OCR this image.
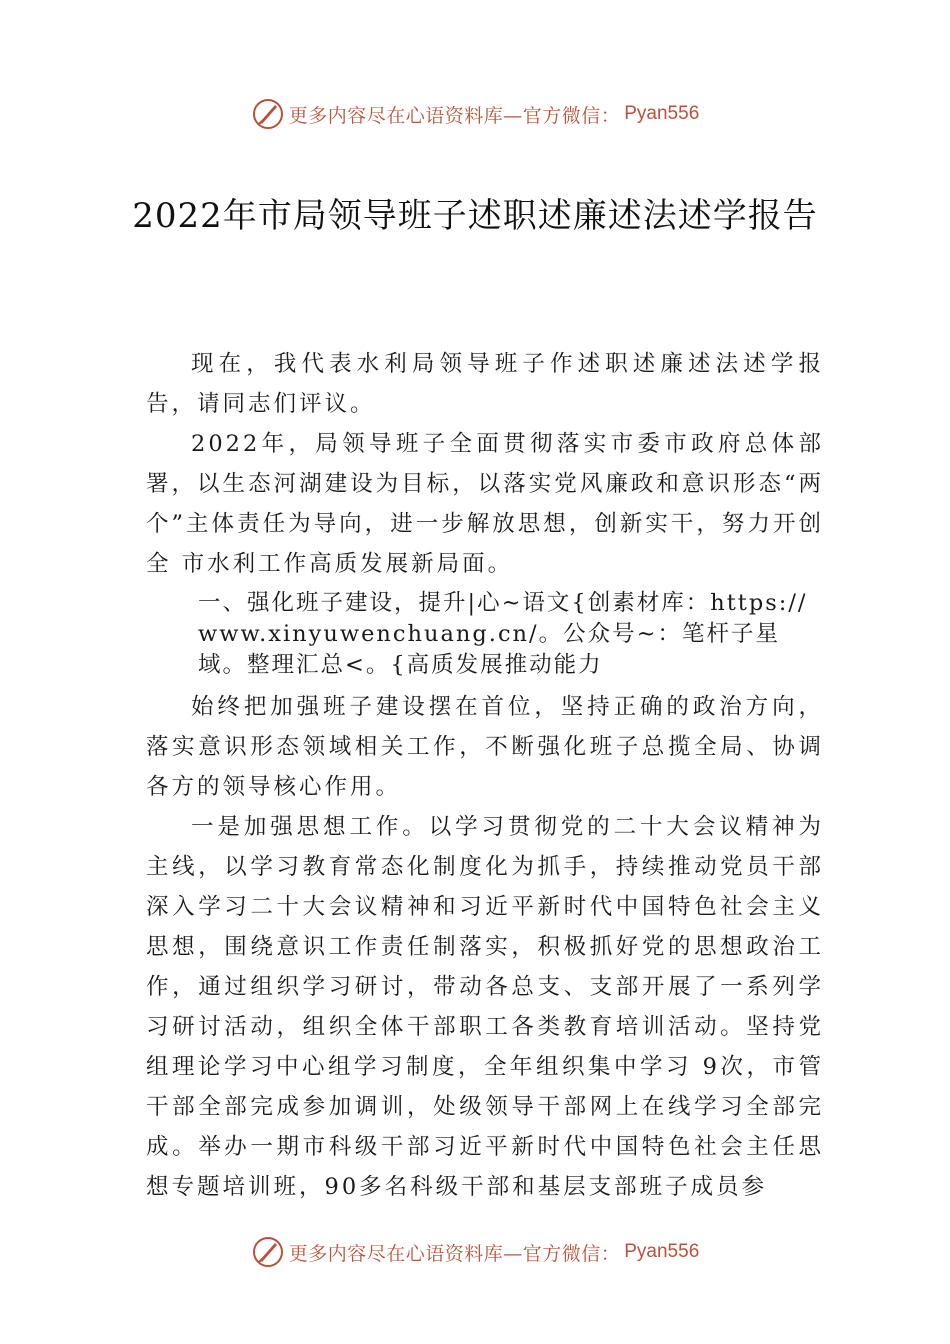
更多内容尽在心语资料库—官方微信： Pyan556
2022年市局领导班子述职述廉述法述学报告

现在，我代表水利局领导班子作述职述廉述法述学报告，请同志们评议。

2022年，局领导班子全面贯彻落实市委市政府总体部署，以生态河湖建设为目标，以落实党风廉政和意识形态“两个”主体责任为导向，进一步解放思想，创新实干，努力开创全 市水利工作高质发展新局面。

一、强化班子建设，提升|心~语文{创素材库：https://www.xinyuwenchuang.cn/。公众号~：笔杆子星域。整理汇总<。{高质发展推动能力

始终把加强班子建设摆在首位，坚持正确的政治方向，落实意识形态领域相关工作，不断强化班子总揽全局、协调各方的领导核心作用。

一是加强思想工作。以学习贯彻党的二十大会议精神为主线，以学习教育常态化制度化为抓手，持续推动党员干部深入学习二十大会议精神和习近平新时代中国特色社会主义思想，围绕意识工作责任制落实，积极抓好党的思想政治工作，通过组织学习研讨，带动各总支、支部开展了一系列学习研讨活动，组织全体干部职工各类教育培训活动。坚持党组理论学习中心组学习制度，全年组织集中学习 9次，市管干部全部完成参加调训，处级领导干部网上在线学习全部完成。举办一期市科级干部习近平新时代中国特色社会主任思想专题培训班，90多名科级干部和基层支部班子成员参

更多内容尽在心语资料库—官方微信： Pyan556
